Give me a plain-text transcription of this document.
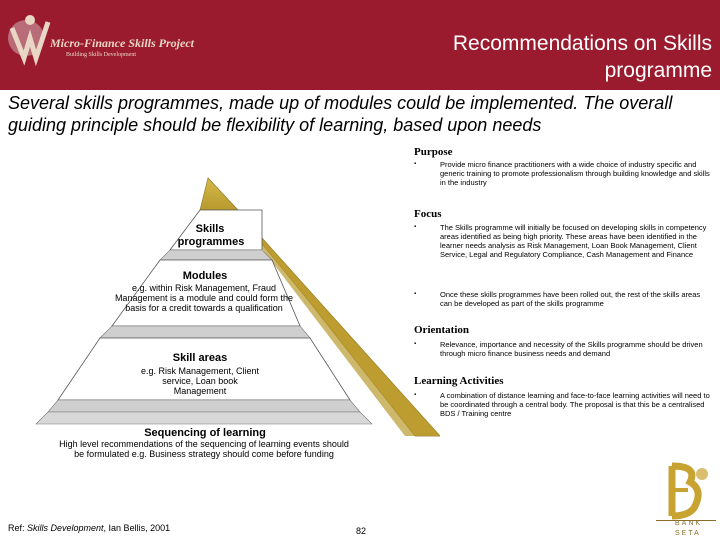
Micro-Finance Skills Project
Building Skills Development	Recommendations on Skills
programme
Several skills programmes, made up of modules could be implemented. The overall guiding principle should be flexibility of learning, based upon needs
Skills
programmes
Modules
e.g. within Risk Management, Fraud Management is a module and could form the basis for a credit towards a qualification
Skill areas
e.g. Risk Management, Client service, Loan book Management
Sequencing of learning
High level recommendations of the sequencing of learning events should be formulated e.g. Business strategy should come before funding
Purpose
▪	Provide micro finance practitioners with a wide choice of industry specific and generic training to promote professionalism through building knowledge and skills in the industry
Focus
▪	The Skills programme will initially be focused on developing skills in competency areas identified as being high priority. These areas have been identified in the learner needs analysis as Risk Management, Loan Book Management, Client Service, Legal and Regulatory Compliance, Cash Management and Finance
▪	Once these skills programmes have been rolled out, the rest of the skills areas can be developed as part of the skills programme
Orientation
▪	Relevance, importance and necessity of the Skills programme should be driven through micro finance business needs and demand
Learning Activities
▪	A combination of distance learning and face-to-face learning activities will need to be coordinated through a central body. The proposal is that this be a centralised BDS / Training centre
Ref: Skills Development, Ian Bellis, 2001	82
BANK
SETA
